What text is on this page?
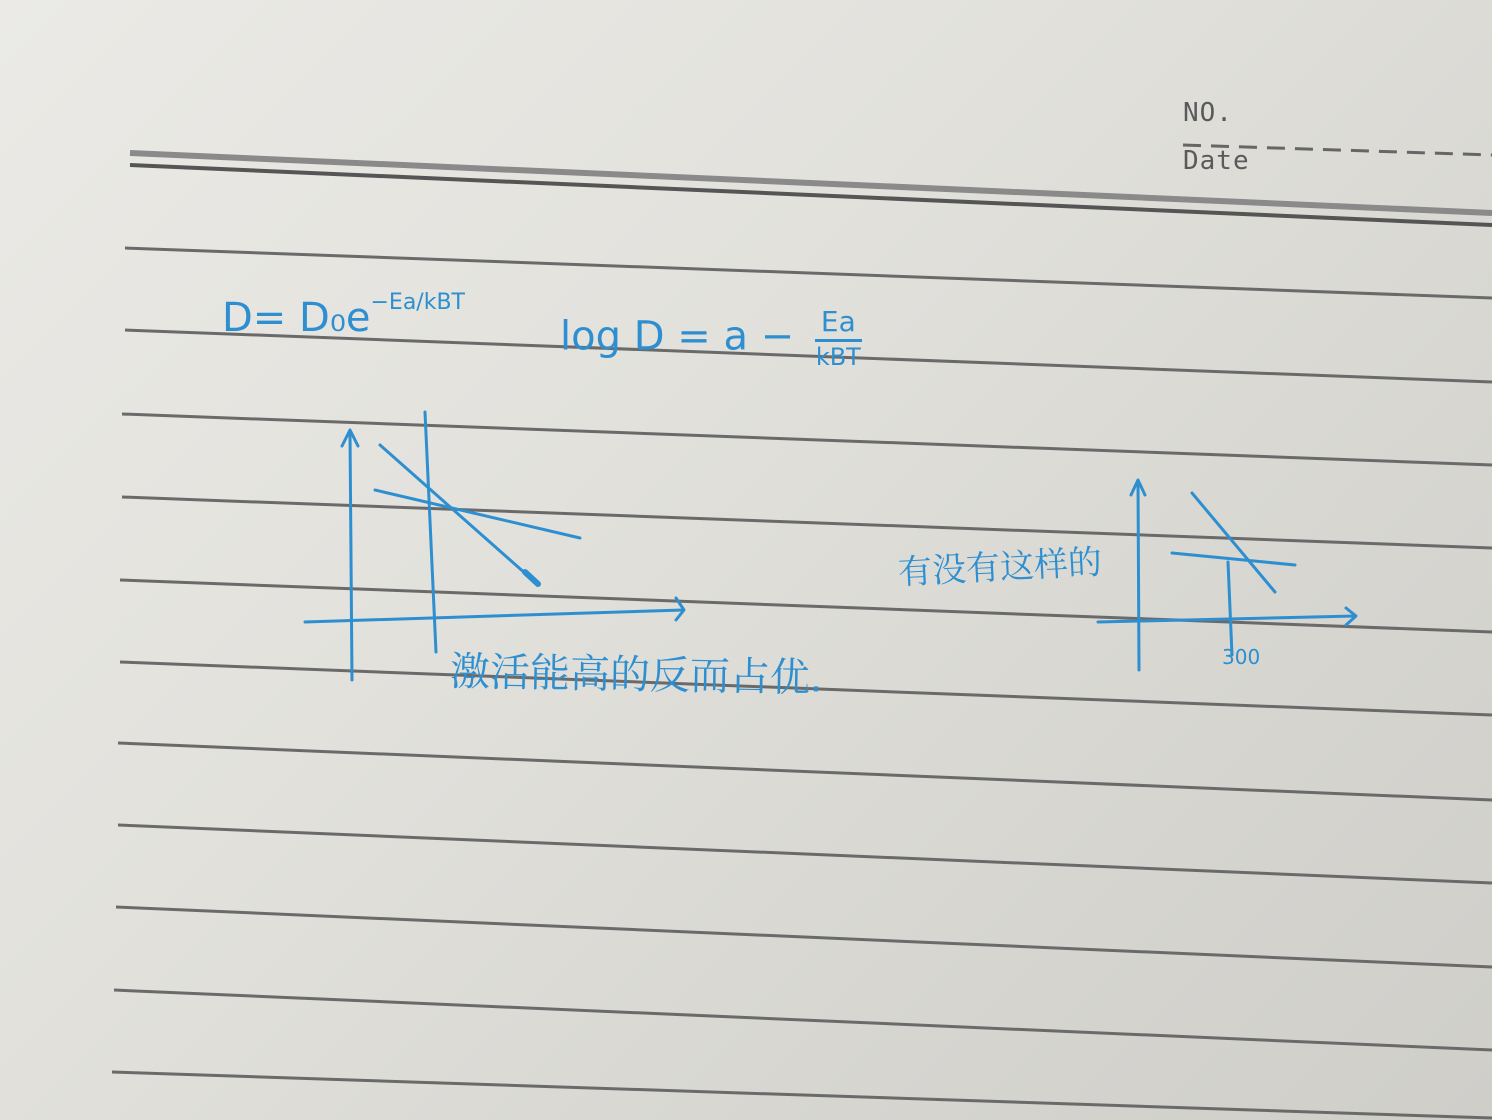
NO.
Date
$D= D_0e^{-Ea/kBT}$
$\log D = a - \frac{Ea}{\text{kBT}}$
激活能高的反而占优.
有没有这样的
300
